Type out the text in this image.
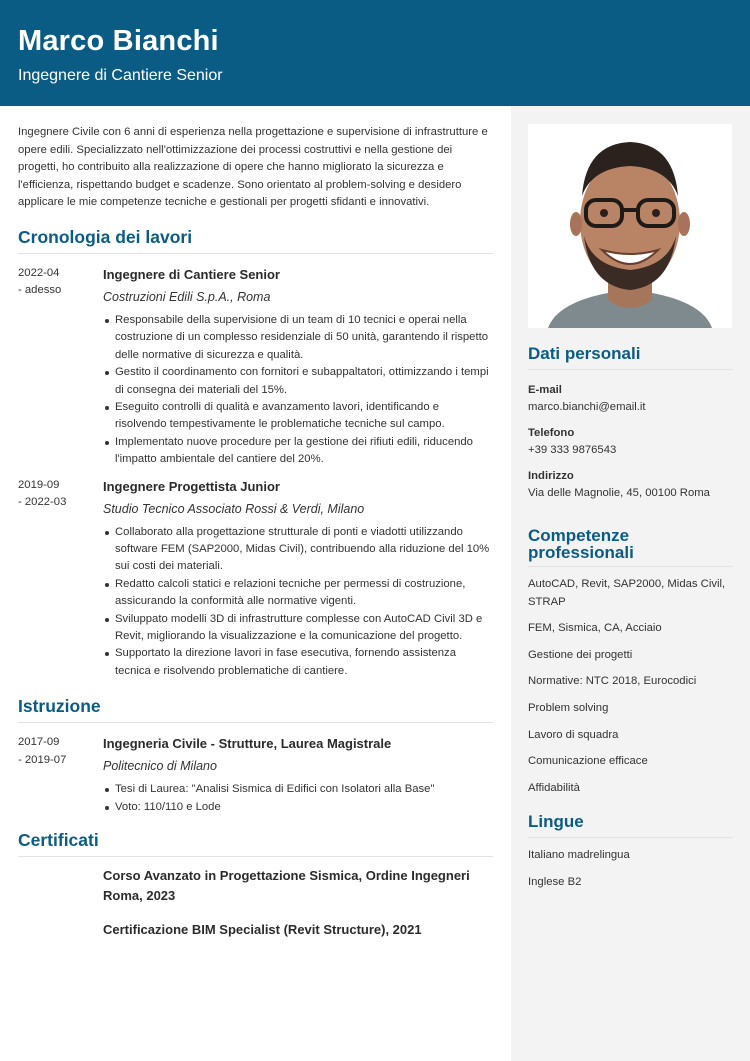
Marco Bianchi
Ingegnere di Cantiere Senior

Ingegnere Civile con 6 anni di esperienza nella progettazione e supervisione di infrastrutture e opere edili. Specializzato nell'ottimizzazione dei processi costruttivi e nella gestione dei progetti, ho contribuito alla realizzazione di opere che hanno migliorato la sicurezza e l'efficienza, rispettando budget e scadenze. Sono orientato al problem-solving e desidero applicare le mie competenze tecniche e gestionali per progetti sfidanti e innovativi.

Cronologia dei lavori
2022-04
- adesso
Ingegnere di Cantiere Senior
Costruzioni Edili S.p.A., Roma
Responsabile della supervisione di un team di 10 tecnici e operai nella costruzione di un complesso residenziale di 50 unità, garantendo il rispetto delle normative di sicurezza e qualità.
Gestito il coordinamento con fornitori e subappaltatori, ottimizzando i tempi di consegna dei materiali del 15%.
Eseguito controlli di qualità e avanzamento lavori, identificando e risolvendo tempestivamente le problematiche tecniche sul campo.
Implementato nuove procedure per la gestione dei rifiuti edili, riducendo l'impatto ambientale del cantiere del 20%.
2019-09
- 2022-03
Ingegnere Progettista Junior
Studio Tecnico Associato Rossi & Verdi, Milano
Collaborato alla progettazione strutturale di ponti e viadotti utilizzando software FEM (SAP2000, Midas Civil), contribuendo alla riduzione del 10% sui costi dei materiali.
Redatto calcoli statici e relazioni tecniche per permessi di costruzione, assicurando la conformità alle normative vigenti.
Sviluppato modelli 3D di infrastrutture complesse con AutoCAD Civil 3D e Revit, migliorando la visualizzazione e la comunicazione del progetto.
Supportato la direzione lavori in fase esecutiva, fornendo assistenza tecnica e risolvendo problematiche di cantiere.
Istruzione
2017-09
- 2019-07
Ingegneria Civile - Strutture, Laurea Magistrale
Politecnico di Milano
Tesi di Laurea: "Analisi Sismica di Edifici con Isolatori alla Base"
Voto: 110/110 e Lode
Certificati
Corso Avanzato in Progettazione Sismica, Ordine Ingegneri Roma, 2023
Certificazione BIM Specialist (Revit Structure), 2021
Dati personali
E-mail
marco.bianchi@email.it
Telefono
+39 333 9876543
Indirizzo
Via delle Magnolie, 45, 00100 Roma
Competenze professionali
AutoCAD, Revit, SAP2000, Midas Civil, STRAP
FEM, Sismica, CA, Acciaio
Gestione dei progetti
Normative: NTC 2018, Eurocodici
Problem solving
Lavoro di squadra
Comunicazione efficace
Affidabilità
Lingue
Italiano madrelingua
Inglese B2
